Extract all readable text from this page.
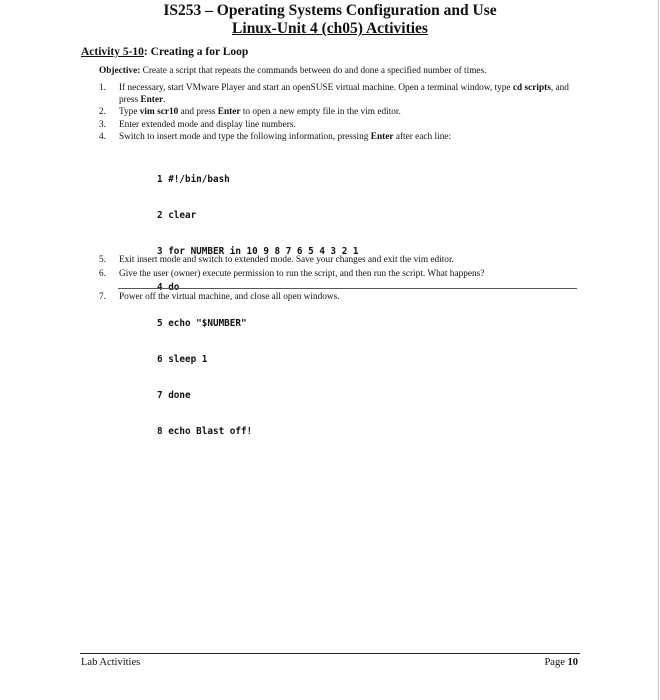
IS253 – Operating Systems Configuration and Use
Linux-Unit 4 (ch05) Activities
Activity 5-10: Creating a for Loop
Objective: Create a script that repeats the commands between do and done a specified number of times.
1. If necessary, start VMware Player and start an openSUSE virtual machine. Open a terminal window, type cd scripts, and press Enter.
2. Type vim scr10 and press Enter to open a new empty file in the vim editor.
3. Enter extended mode and display line numbers.
4. Switch to insert mode and type the following information, pressing Enter after each line:

1 #!/bin/bash

2 clear

3 for NUMBER in 10 9 8 7 6 5 4 3 2 1

4 do

5 echo "$NUMBER"

6 sleep 1

7 done

8 echo Blast off!

5. Exit insert mode and switch to extended mode. Save your changes and exit the vim editor.
6. Give the user (owner) execute permission to run the script, and then run the script. What happens?
7. Power off the virtual machine, and close all open windows.
Lab Activities	Page 10
